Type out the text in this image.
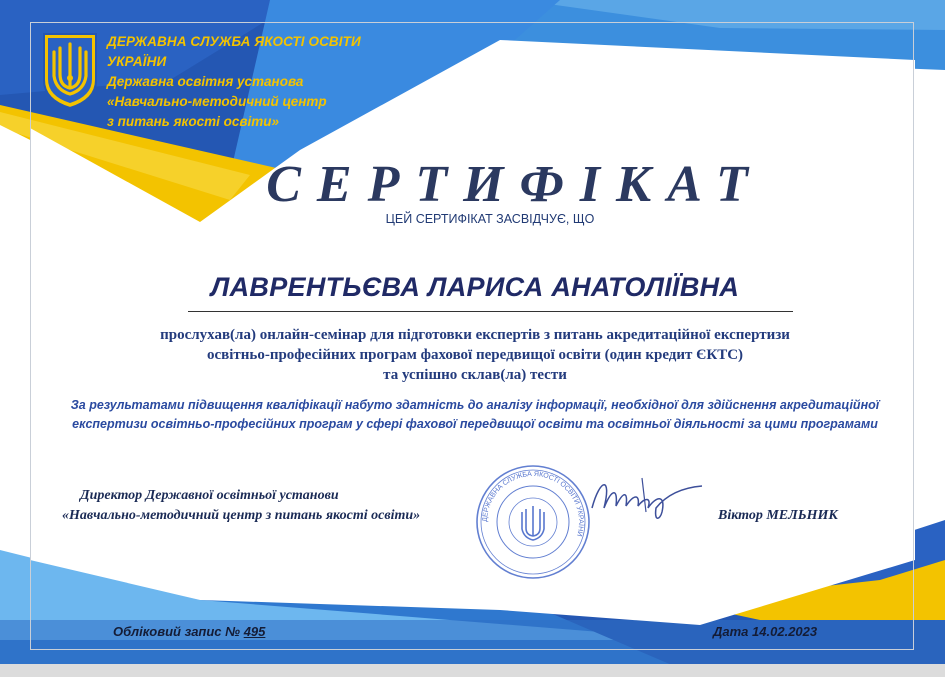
ДЕРЖАВНА СЛУЖБА ЯКОСТІ ОСВІТИ УКРАЇНИ
Державна освітня установа
«Навчально-методичний центр
з питань якості освіти»
СЕРТИФІКАТ
ЦЕЙ СЕРТИФІКАТ ЗАСВІДЧУЄ, ЩО
ЛАВРЕНТЬЄВА ЛАРИСА АНАТОЛІЇВНА
прослухав(ла) онлайн-семінар для підготовки експертів з питань акредитаційної експертизи
освітньо-професійних програм фахової передвищої освіти (один кредит ЄКТС)
та успішно склав(ла) тести
За результатами підвищення кваліфікації набуто здатність до аналізу інформації, необхідної для здійснення акредитаційної
експертизи освітньо-професійних програм у сфері фахової передвищої освіти та освітньої діяльності за цими програмами
Директор Державної освітньої установи
«Навчально-методичний центр з питань якості освіти»	Віктор МЕЛЬНИК
ДЕРЖАВНА СЛУЖБА ЯКОСТІ ОСВІТИ УКРАЇНИ
Обліковий запис № 495	Дата 14.02.2023
